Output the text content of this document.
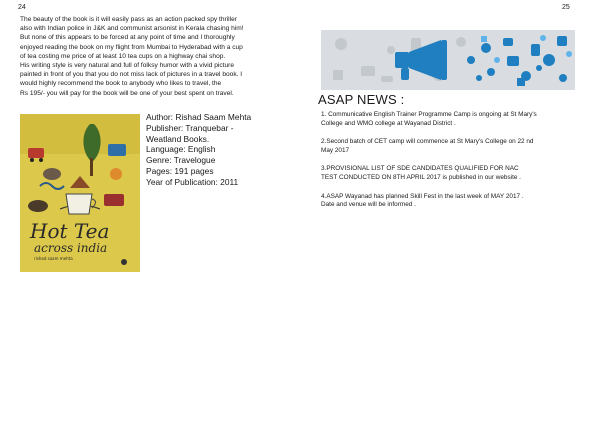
24	25

The beauty of the book is it will easily pass as an action packed spy thriller

also with Indian police in J&K and communist arsonist in Kerala chasing him!

But none of this appears to be forced at any point of time and I thoroughly

enjoyed reading the book on my flight from Mumbai to Hyderabad with a cup

of tea costing me price of at least 10 tea cups on a highway chai shop.

His writing style is very natural and full of folksy humor with a vivid picture

painted in front of you that you do not miss lack of pictures in a travel book. I

would highly recommend the book to anybody who likes to travel, the

Rs 195/- you will pay for the book will be one of your best spent on travel.

Hot Tea
across india
rishad saam mehta
Author: Rishad Saam Mehta
Publisher: Tranquebar -
Weatland Books.
Language: English
Genre: Travelogue
Pages: 191 pages
Year of Publication: 2011
ASAP NEWS :

1. Communicative English Trainer Programme Camp is ongoing at St Mary's
College and WMO college at Wayanad District .

2.Second batch of CET camp will commence at St Mary's College on 22 nd
May 2017

3.PROVISIONAL LIST OF SDE CANDIDATES QUALIFIED FOR NAC
TEST CONDUCTED ON 8TH APRIL 2017 is published in our website .

4.ASAP Wayanad has planned Skill Fest in the last week of MAY 2017 .
Date and venue will be informed .
